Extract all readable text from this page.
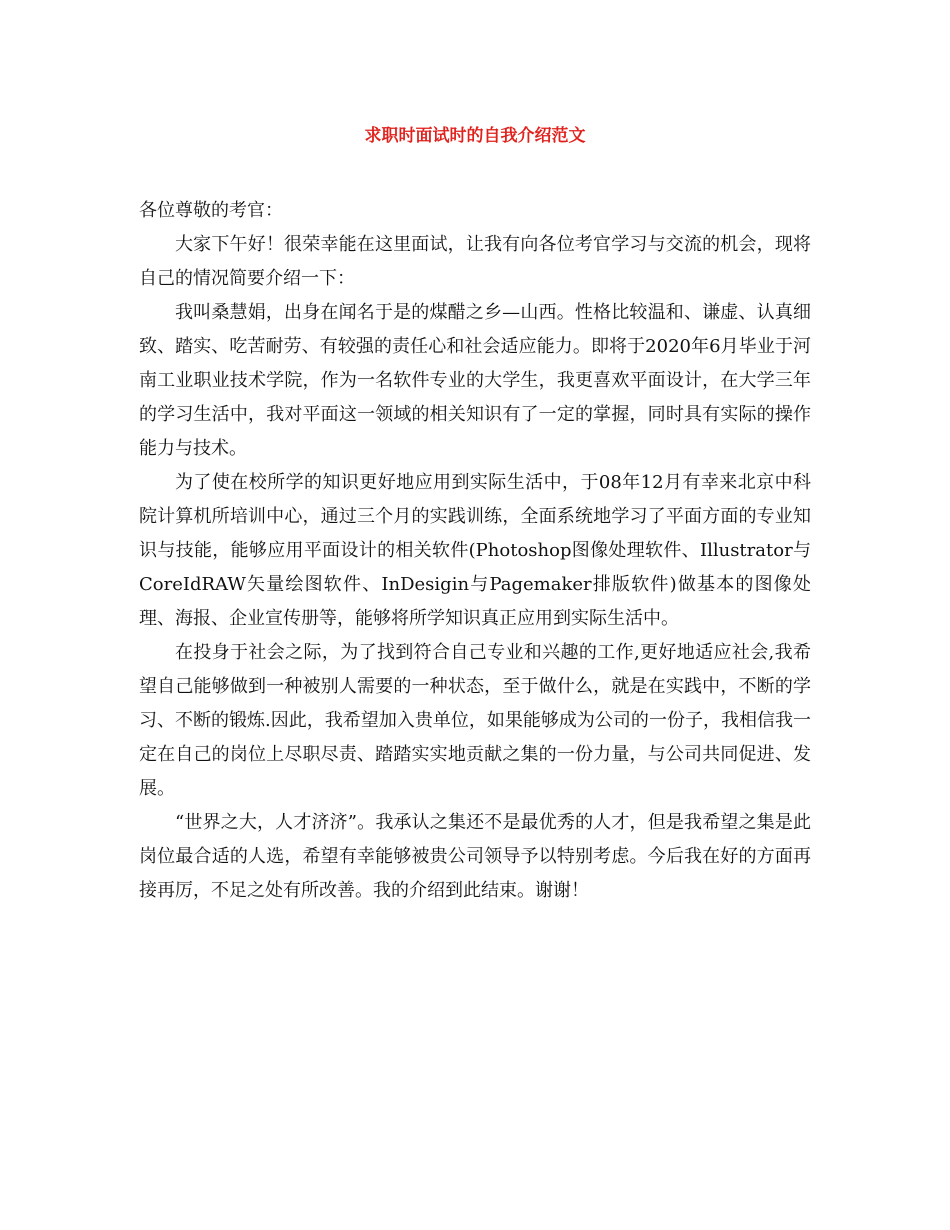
求职时面试时的自我介绍范文

各位尊敬的考官：

大家下午好！很荣幸能在这里面试，让我有向各位考官学习与交流的机会，现将自己的情况简要介绍一下：

我叫桑慧娟，出身在闻名于是的煤醋之乡—山西。性格比较温和、谦虚、认真细致、踏实、吃苦耐劳、有较强的责任心和社会适应能力。即将于2020年6月毕业于河南工业职业技术学院，作为一名软件专业的大学生，我更喜欢平面设计，在大学三年的学习生活中，我对平面这一领域的相关知识有了一定的掌握，同时具有实际的操作能力与技术。

为了使在校所学的知识更好地应用到实际生活中，于08年12月有幸来北京中科院计算机所培训中心，通过三个月的实践训练，全面系统地学习了平面方面的专业知识与技能，能够应用平面设计的相关软件(Photoshop图像处理软件、Illustrator与CoreIdRAW矢量绘图软件、InDesigin与Pagemaker排版软件)做基本的图像处理、海报、企业宣传册等，能够将所学知识真正应用到实际生活中。

在投身于社会之际，为了找到符合自己专业和兴趣的工作,更好地适应社会,我希望自己能够做到一种被别人需要的一种状态，至于做什么，就是在实践中，不断的学习、不断的锻炼.因此，我希望加入贵单位，如果能够成为公司的一份子，我相信我一定在自己的岗位上尽职尽责、踏踏实实地贡献之集的一份力量，与公司共同促进、发展。

“世界之大，人才济济”。我承认之集还不是最优秀的人才，但是我希望之集是此岗位最合适的人选，希望有幸能够被贵公司领导予以特别考虑。今后我在好的方面再接再厉，不足之处有所改善。我的介绍到此结束。谢谢！
